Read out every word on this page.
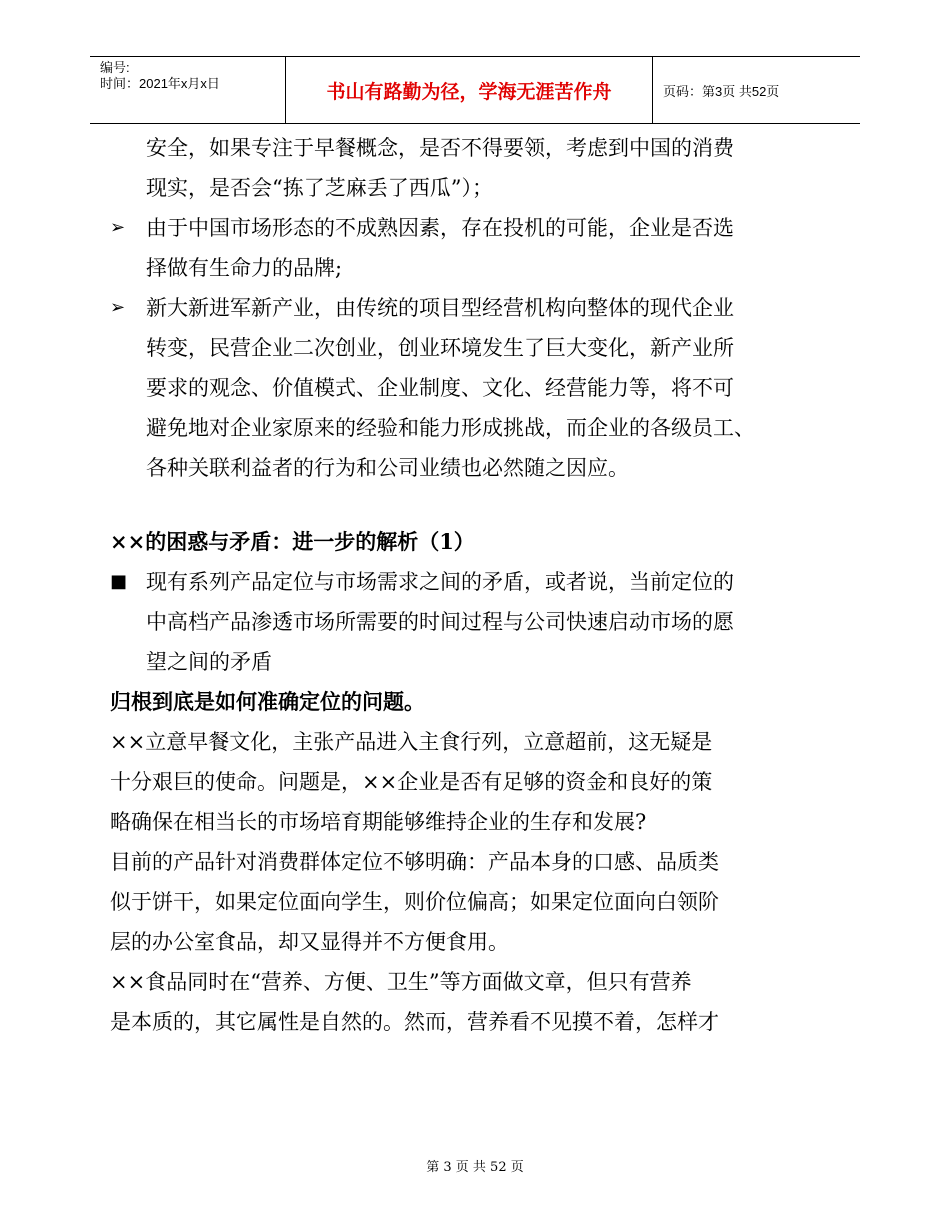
编号:
时间：2021年x月x日	书山有路勤为径，学海无涯苦作舟	页码：第3页 共52页
安全，如果专注于早餐概念，是否不得要领，考虑到中国的消费
现实，是否会“拣了芝麻丢了西瓜”）；
➢ 由于中国市场形态的不成熟因素，存在投机的可能，企业是否选
择做有生命力的品牌;
➢ 新大新进军新产业，由传统的项目型经营机构向整体的现代企业
转变，民营企业二次创业，创业环境发生了巨大变化，新产业所
要求的观念、价值模式、企业制度、文化、经营能力等，将不可
避免地对企业家原来的经验和能力形成挑战，而企业的各级员工、
各种关联利益者的行为和公司业绩也必然随之因应。
××的困惑与矛盾：进一步的解析（1）
■ 现有系列产品定位与市场需求之间的矛盾，或者说，当前定位的
中高档产品渗透市场所需要的时间过程与公司快速启动市场的愿
望之间的矛盾
归根到底是如何准确定位的问题。
××立意早餐文化，主张产品进入主食行列，立意超前，这无疑是
十分艰巨的使命。问题是，××企业是否有足够的资金和良好的策
略确保在相当长的市场培育期能够维持企业的生存和发展?
目前的产品针对消费群体定位不够明确：产品本身的口感、品质类
似于饼干，如果定位面向学生，则价位偏高；如果定位面向白领阶
层的办公室食品，却又显得并不方便食用。
××食品同时在“营养、方便、卫生”等方面做文章，但只有营养
是本质的，其它属性是自然的。然而，营养看不见摸不着，怎样才
第 3 页 共 52 页
